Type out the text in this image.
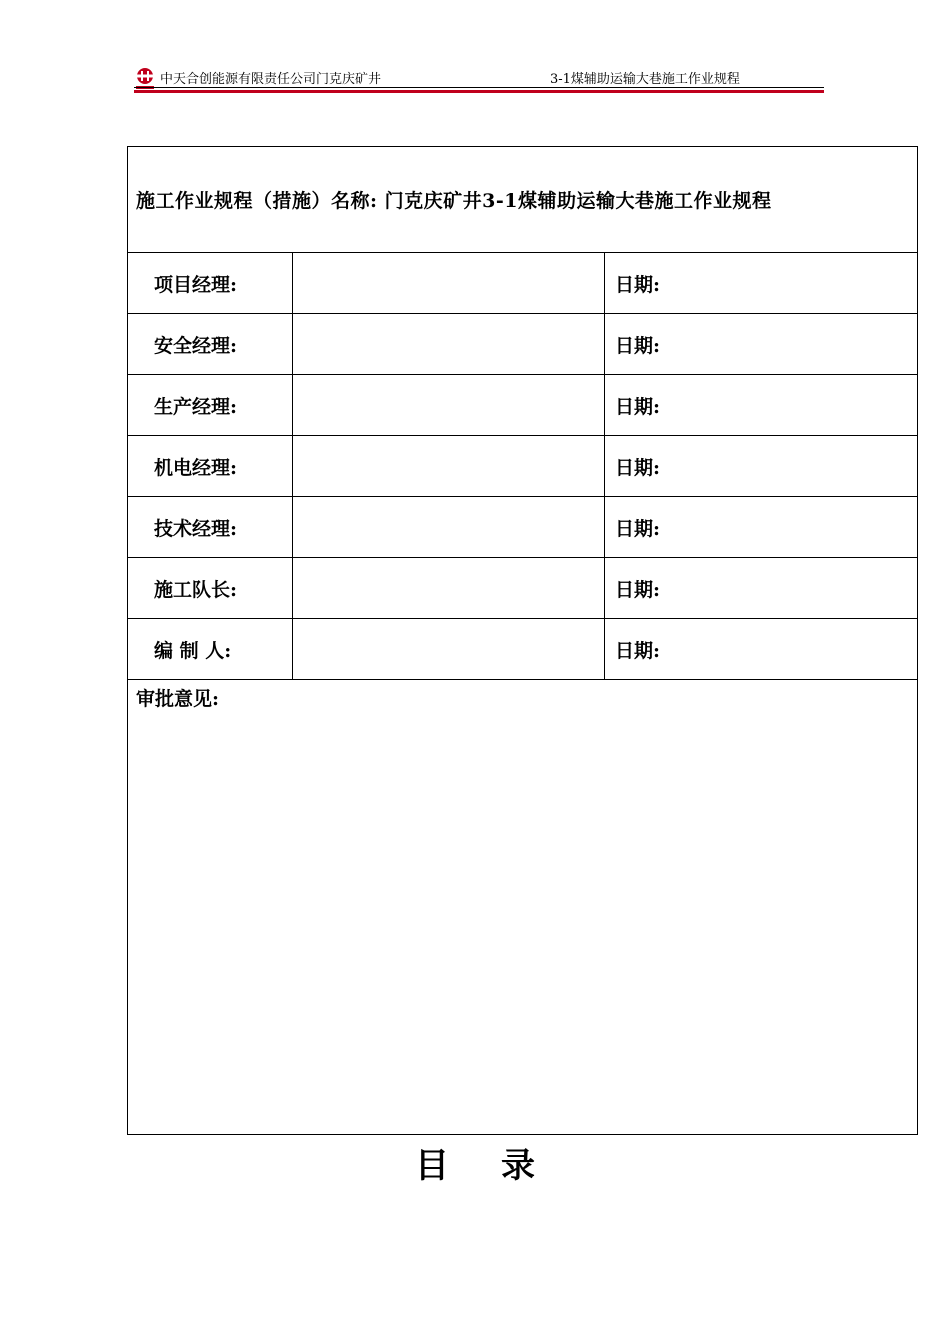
中天合创能源有限责任公司门克庆矿井	3-1煤辅助运输大巷施工作业规程
施工作业规程（措施）名称: 门克庆矿井3-1煤辅助运输大巷施工作业规程		
项目经理:		日期:
安全经理:		日期:
生产经理:		日期:
机电经理:		日期:
技术经理:		日期:
施工队长:		日期:
编 制 人:		日期:
审批意见:		
目录
